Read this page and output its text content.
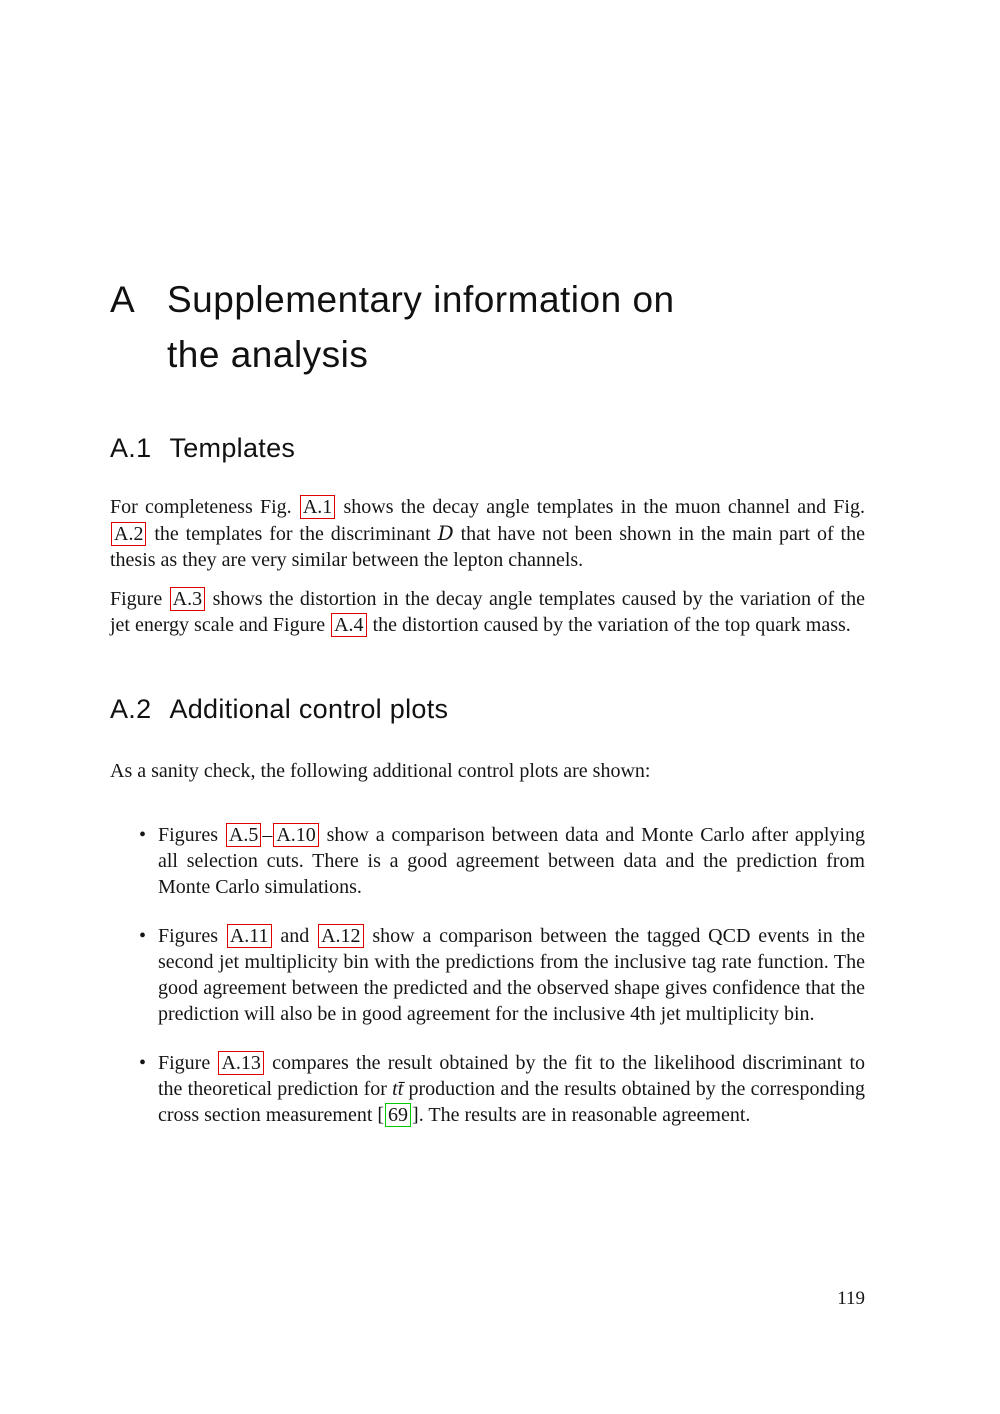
A Supplementary information on
the analysis
A.1 Templates

For completeness Fig. A.1 shows the decay angle templates in the muon channel and Fig. A.2 the templates for the discriminant D that have not been shown in the main part of the thesis as they are very similar between the lepton channels.

Figure A.3 shows the distortion in the decay angle templates caused by the variation of the jet energy scale and Figure A.4 the distortion caused by the variation of the top quark mass.

A.2 Additional control plots

As a sanity check, the following additional control plots are shown:

• Figures A.5 – A.10 show a comparison between data and Monte Carlo after applying all selection cuts. There is a good agreement between data and the prediction from Monte Carlo simulations.
• Figures A.11 and A.12 show a comparison between the tagged QCD events in the second jet multiplicity bin with the predictions from the inclusive tag rate function. The good agreement between the predicted and the observed shape gives confidence that the prediction will also be in good agreement for the inclusive 4th jet multiplicity bin.
• Figure A.13 compares the result obtained by the fit to the likelihood discriminant to the theoretical prediction for tt̄ production and the results obtained by the corresponding cross section measurement [ 69 ]. The results are in reasonable agreement.
119
